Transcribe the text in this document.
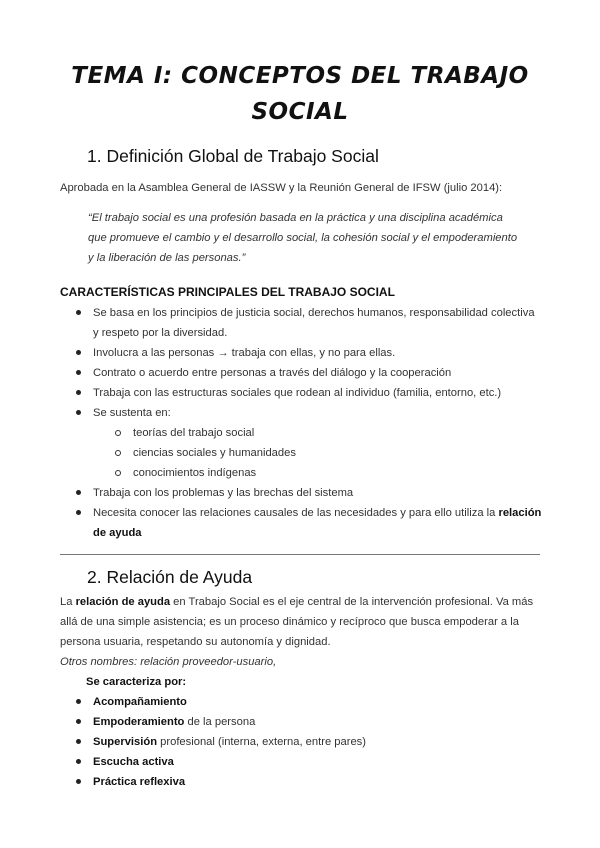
TEMA I: CONCEPTOS DEL TRABAJO
SOCIAL
1. Definición Global de Trabajo Social
Aprobada en la Asamblea General de IASSW y la Reunión General de IFSW (julio 2014):
“El trabajo social es una profesión basada en la práctica y una disciplina académica que promueve el cambio y el desarrollo social, la cohesión social y el empoderamiento y la liberación de las personas.”
CARACTERÍSTICAS PRINCIPALES DEL TRABAJO SOCIAL
Se basa en los principios de justicia social, derechos humanos, responsabilidad colectiva y respeto por la diversidad.
Involucra a las personas → trabaja con ellas, y no para ellas.
Contrato o acuerdo entre personas a través del diálogo y la cooperación
Trabaja con las estructuras sociales que rodean al individuo (familia, entorno, etc.)
Se sustenta en:
teorías del trabajo social
ciencias sociales y humanidades
conocimientos indígenas
Trabaja con los problemas y las brechas del sistema
Necesita conocer las relaciones causales de las necesidades y para ello utiliza la relación de ayuda
2. Relación de Ayuda
La relación de ayuda en Trabajo Social es el eje central de la intervención profesional. Va más allá de una simple asistencia; es un proceso dinámico y recíproco que busca empoderar a la persona usuaria, respetando su autonomía y dignidad.
Otros nombres: relación proveedor-usuario,
Se caracteriza por:
Acompañamiento
Empoderamiento de la persona
Supervisión profesional (interna, externa, entre pares)
Escucha activa
Práctica reflexiva
